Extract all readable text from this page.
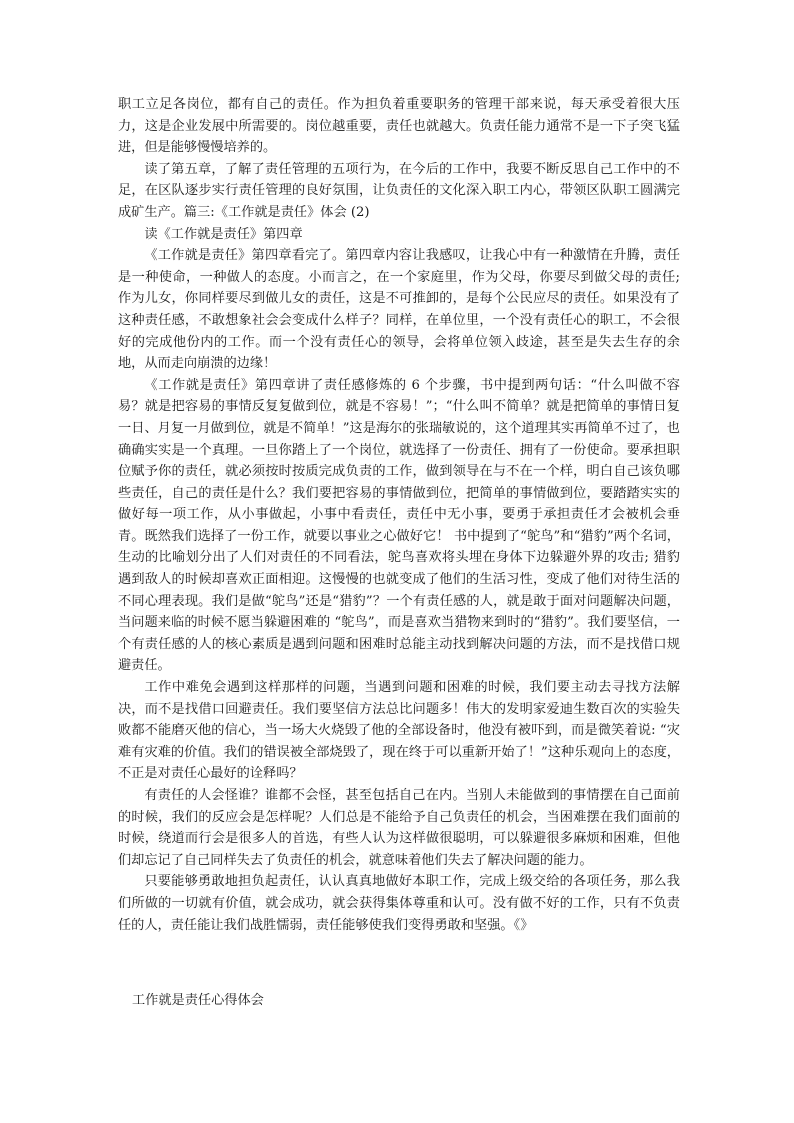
职工立足各岗位，都有自己的责任。作为担负着重要职务的管理干部来说，每天承受着很大压力，这是企业发展中所需要的。岗位越重要，责任也就越大。负责任能力通常不是一下子突飞猛进，但是能够慢慢培养的。

读了第五章，了解了责任管理的五项行为，在今后的工作中，我要不断反思自己工作中的不足，在区队逐步实行责任管理的良好氛围，让负责任的文化深入职工内心，带领区队职工圆满完成矿生产。篇三:《工作就是责任》体会 (2)

读《工作就是责任》第四章

《工作就是责任》第四章看完了。第四章内容让我感叹，让我心中有一种激情在升腾，责任是一种使命，一种做人的态度。小而言之，在一个家庭里，作为父母，你要尽到做父母的责任; 作为儿女，你同样要尽到做儿女的责任，这是不可推卸的，是每个公民应尽的责任。如果没有了这种责任感，不敢想象社会会变成什么样子？同样，在单位里，一个没有责任心的职工，不会很好的完成他份内的工作。而一个没有责任心的领导，会将单位领入歧途，甚至是失去生存的余地，从而走向崩溃的边缘！

《工作就是责任》第四章讲了责任感修炼的 6 个步骤，书中提到两句话：“什么叫做不容易？就是把容易的事情反复复做到位，就是不容易！”；“什么叫不简单？就是把简单的事情日复一日、月复一月做到位，就是不简单！”这是海尔的张瑞敏说的，这个道理其实再简单不过了，也确确实实是一个真理。一旦你踏上了一个岗位，就选择了一份责任、拥有了一份使命。要承担职位赋予你的责任，就必须按时按质完成负责的工作，做到领导在与不在一个样，明白自己该负哪些责任，自己的责任是什么？我们要把容易的事情做到位，把简单的事情做到位，要踏踏实实的做好每一项工作，从小事做起，小事中看责任，责任中无小事，要勇于承担责任才会被机会垂青。既然我们选择了一份工作，就要以事业之心做好它！ 书中提到了“鸵鸟”和“猎豹”两个名词，生动的比喻划分出了人们对责任的不同看法，鸵鸟喜欢将头埋在身体下边躲避外界的攻击; 猎豹遇到敌人的时候却喜欢正面相迎。这慢慢的也就变成了他们的生活习性，变成了他们对待生活的不同心理表现。我们是做“鸵鸟”还是“猎豹”？一个有责任感的人，就是敢于面对问题解决问题，当问题来临的时候不愿当躲避困难的 “鸵鸟”，而是喜欢当猎物来到时的“猎豹”。我们要坚信，一个有责任感的人的核心素质是遇到问题和困难时总能主动找到解决问题的方法，而不是找借口规避责任。

工作中难免会遇到这样那样的问题，当遇到问题和困难的时候，我们要主动去寻找方法解决，而不是找借口回避责任。我们要坚信方法总比问题多！伟大的发明家爱迪生数百次的实验失败都不能磨灭他的信心，当一场大火烧毁了他的全部设备时，他没有被吓到，而是微笑着说: “灾难有灾难的价值。我们的错误被全部烧毁了，现在终于可以重新开始了！”这种乐观向上的态度，不正是对责任心最好的诠释吗？

有责任的人会怪谁？谁都不会怪，甚至包括自己在内。当别人未能做到的事情摆在自己面前的时候，我们的反应会是怎样呢？人们总是不能给予自己负责任的机会，当困难摆在我们面前的时候，绕道而行会是很多人的首选，有些人认为这样做很聪明，可以躲避很多麻烦和困难，但他们却忘记了自己同样失去了负责任的机会，就意味着他们失去了解决问题的能力。

只要能够勇敢地担负起责任，认认真真地做好本职工作，完成上级交给的各项任务，那么我们所做的一切就有价值，就会成功，就会获得集体尊重和认可。没有做不好的工作，只有不负责任的人，责任能让我们战胜懦弱，责任能够使我们变得勇敢和坚强。《》

工作就是责任心得体会
